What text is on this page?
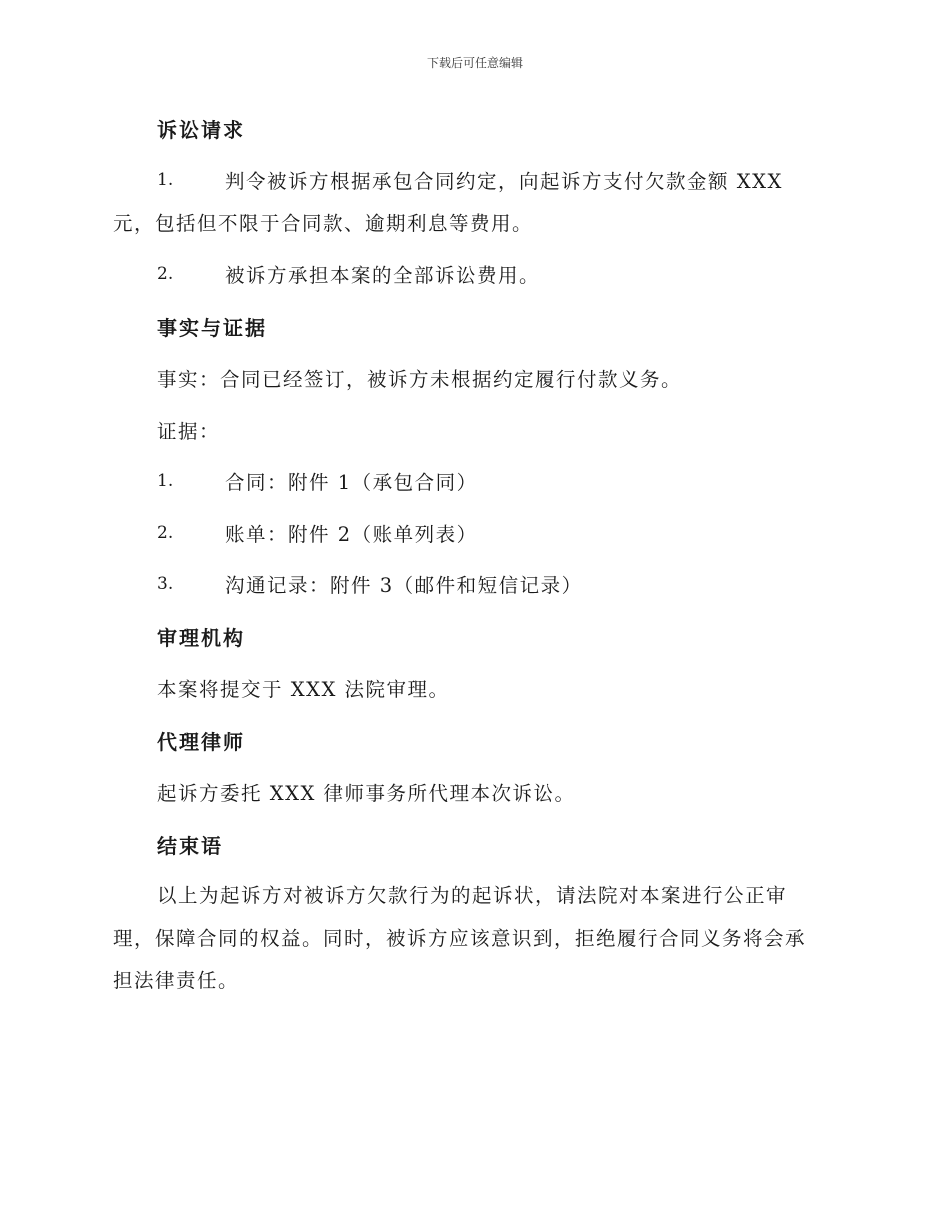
下载后可任意编辑
诉讼请求
1.	判令被诉方根据承包合同约定，向起诉方支付欠款金额 XXX
元，包括但不限于合同款、逾期利息等费用。
2.	被诉方承担本案的全部诉讼费用。
事实与证据
事实：合同已经签订，被诉方未根据约定履行付款义务。
证据：
1.	合同：附件 1（承包合同）
2.	账单：附件 2（账单列表）
3.	沟通记录：附件 3（邮件和短信记录）
审理机构
本案将提交于 XXX 法院审理。
代理律师
起诉方委托 XXX 律师事务所代理本次诉讼。
结束语
以上为起诉方对被诉方欠款行为的起诉状，请法院对本案进行公正审
理，保障合同的权益。同时，被诉方应该意识到，拒绝履行合同义务将会承
担法律责任。
